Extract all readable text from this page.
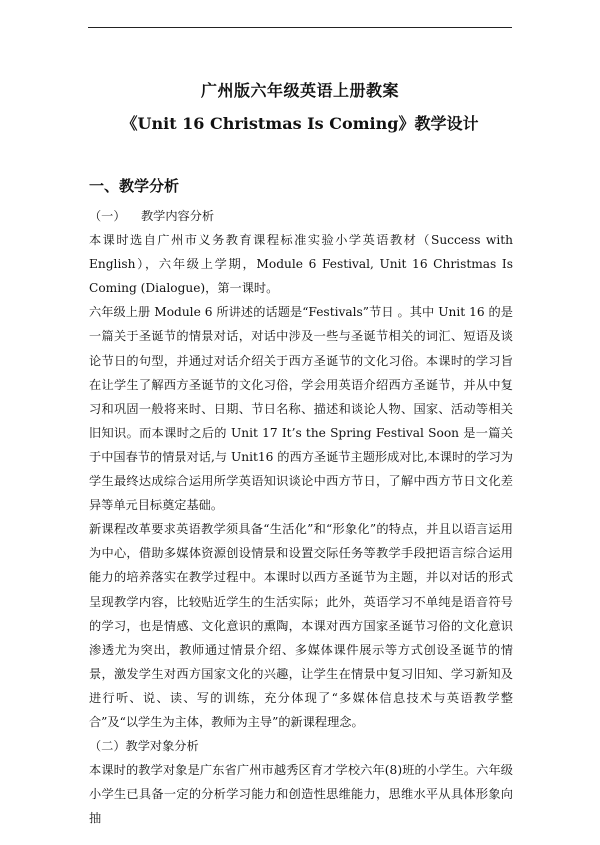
广州版六年级英语上册教案
《Unit 16 Christmas Is Coming》教学设计
一、教学分析

（一） 教学内容分析

本课时选自广州市义务教育课程标准实验小学英语教材（Success with English），六年级上学期，Module 6 Festival, Unit 16 Christmas Is Coming (Dialogue)，第一课时。

六年级上册 Module 6 所讲述的话题是“Festivals”节日 。其中 Unit 16 的是一篇关于圣诞节的情景对话，对话中涉及一些与圣诞节相关的词汇、短语及谈论节日的句型，并通过对话介绍关于西方圣诞节的文化习俗。本课时的学习旨在让学生了解西方圣诞节的文化习俗，学会用英语介绍西方圣诞节，并从中复习和巩固一般将来时、日期、节日名称、描述和谈论人物、国家、活动等相关旧知识。而本课时之后的 Unit 17 It’s the Spring Festival Soon 是一篇关于中国春节的情景对话,与 Unit16 的西方圣诞节主题形成对比,本课时的学习为学生最终达成综合运用所学英语知识谈论中西方节日，了解中西方节日文化差异等单元目标奠定基础。

新课程改革要求英语教学须具备“生活化”和“形象化”的特点，并且以语言运用为中心，借助多媒体资源创设情景和设置交际任务等教学手段把语言综合运用能力的培养落实在教学过程中。本课时以西方圣诞节为主题，并以对话的形式呈现教学内容，比较贴近学生的生活实际；此外，英语学习不单纯是语音符号的学习，也是情感、文化意识的熏陶，本课对西方国家圣诞节习俗的文化意识渗透尤为突出，教师通过情景介绍、多媒体课件展示等方式创设圣诞节的情景，激发学生对西方国家文化的兴趣，让学生在情景中复习旧知、学习新知及进行听、说、读、写的训练，充分体现了“多媒体信息技术与英语教学整合”及“以学生为主体，教师为主导”的新课程理念。

（二）教学对象分析

本课时的教学对象是广东省广州市越秀区育才学校六年(8)班的小学生。六年级小学生已具备一定的分析学习能力和创造性思维能力，思维水平从具体形象向抽
